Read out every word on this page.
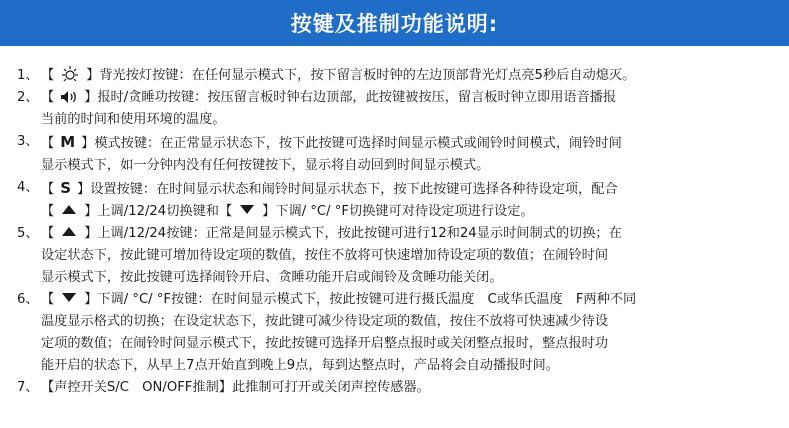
按键及推制功能说明:
1、 【 】背光按灯按键：在任何显示模式下，按下留言板时钟的左边顶部背光灯点亮5秒后自动熄灭。
2、 【 】报时/贪睡功按键：按压留言板时钟右边顶部，此按键被按压，留言板时钟立即用语音播报
当前的时间和使用环境的温度。
3、 【 M 】模式按键：在正常显示状态下，按下此按键可选择时间显示模式或闹铃时间模式，闹铃时间
显示模式下，如一分钟内没有任何按键按下，显示将自动回到时间显示模式。
4、 【 S 】设置按键：在时间显示状态和闹铃时间显示状态下，按下此按键可选择各种待设定项，配合
【 】上调/12/24切换键和【 】下调/ °C/ °F切换键可对待设定项进行设定。
5、 【 】上调/12/24按键：正常是间显示模式下，按此按键可进行12和24显示时间制式的切换；在
设定状态下，按此键可增加待设定项的数值，按住不放将可快速增加待设定项的数值；在闹铃时间
显示模式下，按此按键可选择闹铃开启、贪睡功能开启或闹铃及贪睡功能关闭。
6、 【 】下调/ °C/ °F按键：在时间显示模式下，按此按键可进行摄氏温度　C或华氏温度　F两种不同
温度显示格式的切换；在设定状态下，按此键可减少待设定项的数值，按住不放将可快速减少待设
定项的数值；在闹铃时间显示模式下，按此按键可选择开启整点报时或关闭整点报时，整点报时功
能开启的状态下，从早上7点开始直到晚上9点，每到达整点时，产品将会自动播报时间。
7、 【声控开关S/C　ON/OFF推制】此推制可打开或关闭声控传感器。
